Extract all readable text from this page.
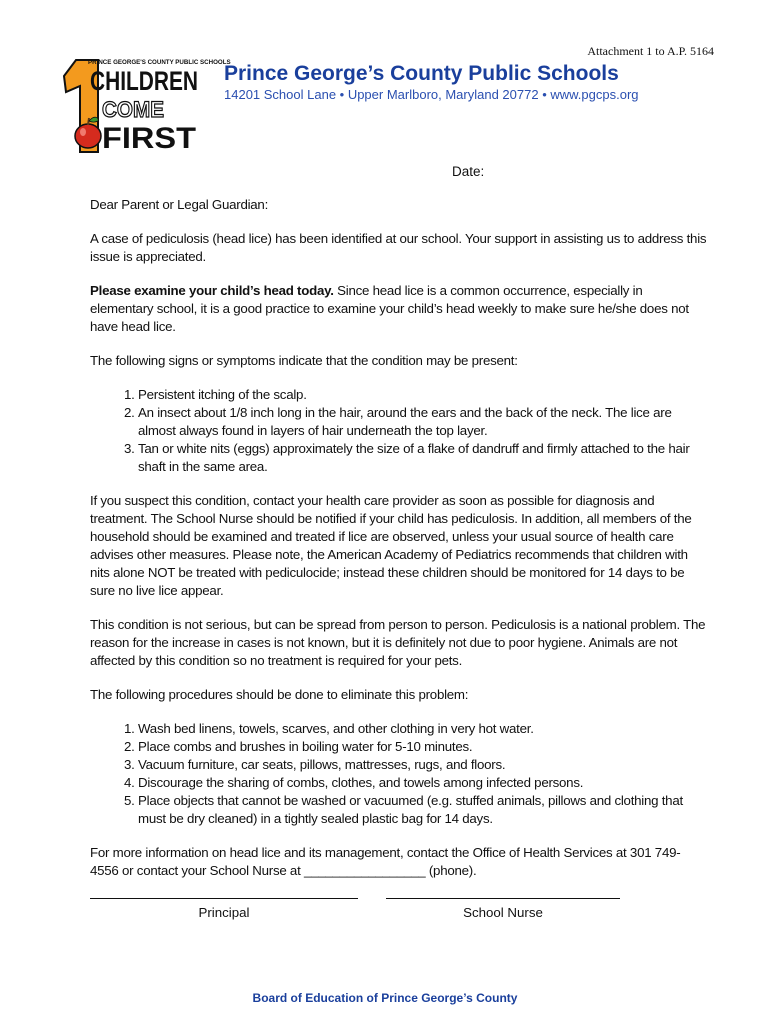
Attachment 1 to A.P. 5164
PRINCE GEORGE'S COUNTY PUBLIC SCHOOLS
CHILDREN
COME
FIRST
Prince George’s County Public Schools
14201 School Lane • Upper Marlboro, Maryland 20772 • www.pgcps.org
Date:

Dear Parent or Legal Guardian:

A case of pediculosis (head lice) has been identified at our school. Your support in assisting us to address this issue is appreciated.

Please examine your child’s head today. Since head lice is a common occurrence, especially in elementary school, it is a good practice to examine your child’s head weekly to make sure he/she does not have head lice.

The following signs or symptoms indicate that the condition may be present:

1. Persistent itching of the scalp.
2. An insect about 1/8 inch long in the hair, around the ears and the back of the neck. The lice are almost always found in layers of hair underneath the top layer.
3. Tan or white nits (eggs) approximately the size of a flake of dandruff and firmly attached to the hair shaft in the same area.

If you suspect this condition, contact your health care provider as soon as possible for diagnosis and treatment. The School Nurse should be notified if your child has pediculosis. In addition, all members of the household should be examined and treated if lice are observed, unless your usual source of health care advises other measures. Please note, the American Academy of Pediatrics recommends that children with nits alone NOT be treated with pediculocide; instead these children should be monitored for 14 days to be sure no live lice appear.

This condition is not serious, but can be spread from person to person. Pediculosis is a national problem. The reason for the increase in cases is not known, but it is definitely not due to poor hygiene. Animals are not affected by this condition so no treatment is required for your pets.

The following procedures should be done to eliminate this problem:

1. Wash bed linens, towels, scarves, and other clothing in very hot water.
2. Place combs and brushes in boiling water for 5-10 minutes.
3. Vacuum furniture, car seats, pillows, mattresses, rugs, and floors.
4. Discourage the sharing of combs, clothes, and towels among infected persons.
5. Place objects that cannot be washed or vacuumed (e.g. stuffed animals, pillows and clothing that must be dry cleaned) in a tightly sealed plastic bag for 14 days.

For more information on head lice and its management, contact the Office of Health Services at 301 749-4556 or contact your School Nurse at _________________ (phone).

Principal	School Nurse
Board of Education of Prince George’s County
